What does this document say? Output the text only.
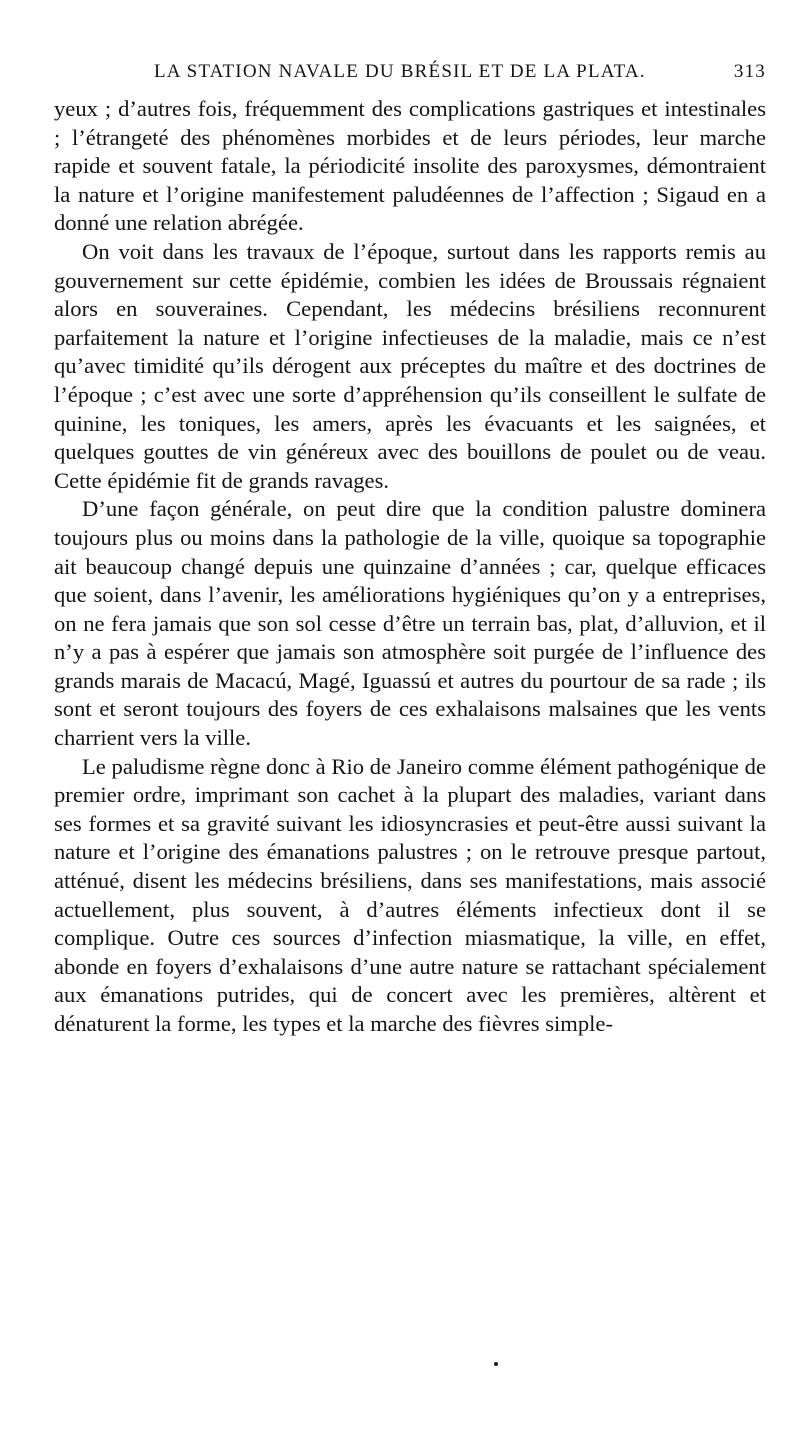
LA STATION NAVALE DU BRÉSIL ET DE LA PLATA.	313

yeux ; d’autres fois, fréquemment des complications gastriques et intestinales ; l’étrangeté des phénomènes morbides et de leurs périodes, leur marche rapide et souvent fatale, la périodicité insolite des paroxysmes, démontraient la nature et l’origine manifestement paludéennes de l’affection ; Sigaud en a donné une relation abrégée.

On voit dans les travaux de l’époque, surtout dans les rapports remis au gouvernement sur cette épidémie, combien les idées de Broussais régnaient alors en souveraines. Cependant, les médecins brésiliens reconnurent parfaitement la nature et l’origine infectieuses de la maladie, mais ce n’est qu’avec timidité qu’ils dérogent aux préceptes du maître et des doctrines de l’époque ; c’est avec une sorte d’appréhension qu’ils conseillent le sulfate de quinine, les toniques, les amers, après les évacuants et les saignées, et quelques gouttes de vin généreux avec des bouillons de poulet ou de veau. Cette épidémie fit de grands ravages.

D’une façon générale, on peut dire que la condition palustre dominera toujours plus ou moins dans la pathologie de la ville, quoique sa topographie ait beaucoup changé depuis une quinzaine d’années ; car, quelque efficaces que soient, dans l’avenir, les améliorations hygiéniques qu’on y a entreprises, on ne fera jamais que son sol cesse d’être un terrain bas, plat, d’alluvion, et il n’y a pas à espérer que jamais son atmosphère soit purgée de l’influence des grands marais de Macacú, Magé, Iguassú et autres du pourtour de sa rade ; ils sont et seront toujours des foyers de ces exhalaisons malsaines que les vents charrient vers la ville.

Le paludisme règne donc à Rio de Janeiro comme élément pathogénique de premier ordre, imprimant son cachet à la plupart des maladies, variant dans ses formes et sa gravité suivant les idiosyncrasies et peut-être aussi suivant la nature et l’origine des émanations palustres ; on le retrouve presque partout, atténué, disent les médecins brésiliens, dans ses manifestations, mais associé actuellement, plus souvent, à d’autres éléments infectieux dont il se complique. Outre ces sources d’infection miasmatique, la ville, en effet, abonde en foyers d’exhalaisons d’une autre nature se rattachant spécialement aux émanations putrides, qui de concert avec les premières, altèrent et dénaturent la forme, les types et la marche des fièvres simple-
